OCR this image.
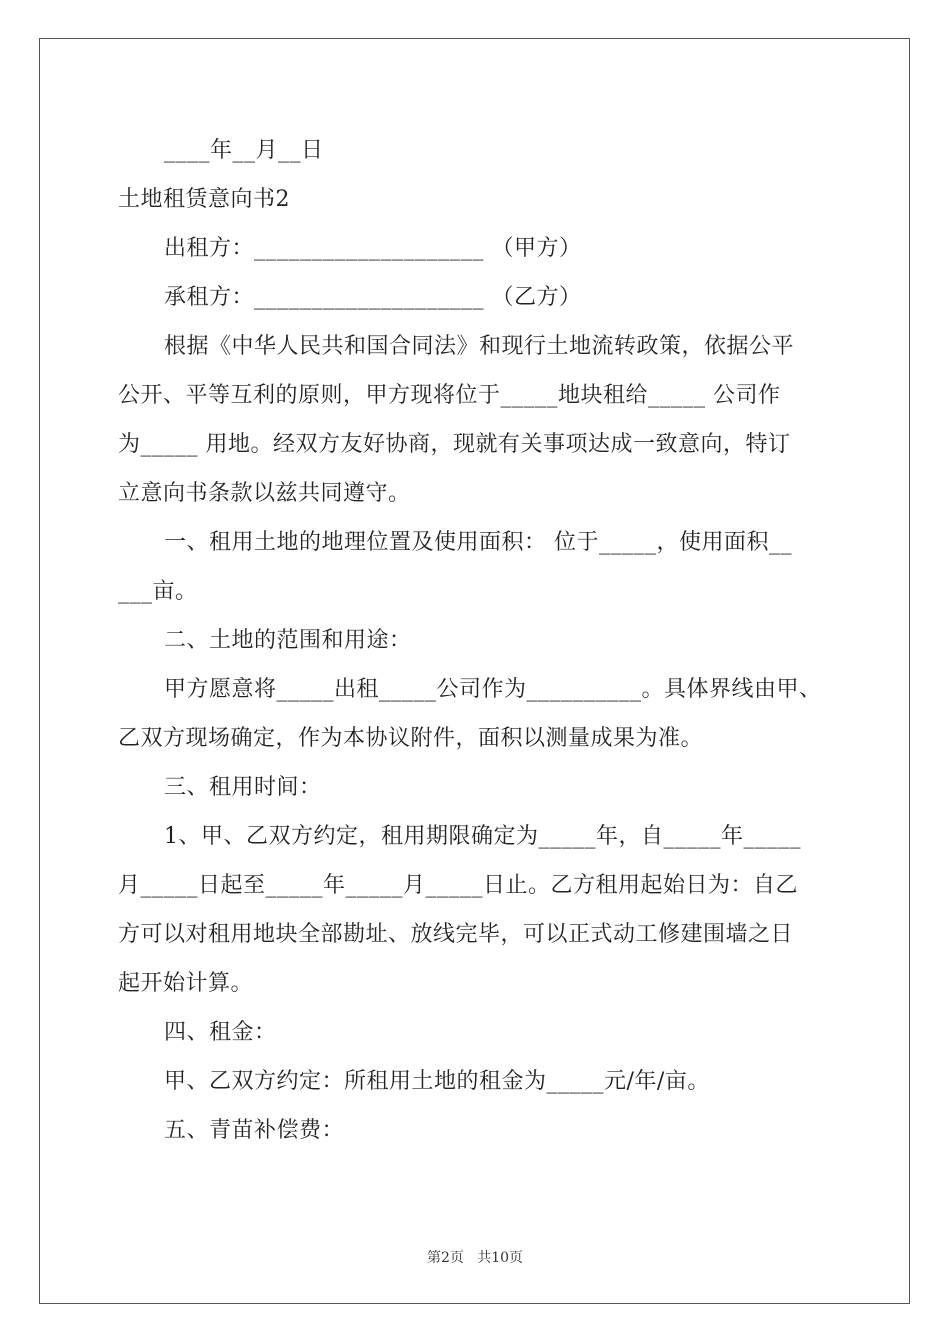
____年__月__日
土地租赁意向书2
出租方：____________________ （甲方）
承租方：____________________ （乙方）
根据《中华人民共和国合同法》和现行土地流转政策，依据公平
公开、平等互利的原则，甲方现将位于_____地块租给_____ 公司作
为_____ 用地。经双方友好协商，现就有关事项达成一致意向，特订
立意向书条款以兹共同遵守。
一、租用土地的地理位置及使用面积： 位于_____，使用面积__
___亩。
二、土地的范围和用途：
甲方愿意将_____出租_____公司作为__________。具体界线由甲、
乙双方现场确定，作为本协议附件，面积以测量成果为准。
三、租用时间：
1、甲、乙双方约定，租用期限确定为_____年，自_____年_____
月_____日起至_____年_____月_____日止。乙方租用起始日为：自乙
方可以对租用地块全部勘址、放线完毕，可以正式动工修建围墙之日
起开始计算。
四、租金：
甲、乙双方约定：所租用土地的租金为_____元/年/亩。
五、青苗补偿费：
第2页   共10页
